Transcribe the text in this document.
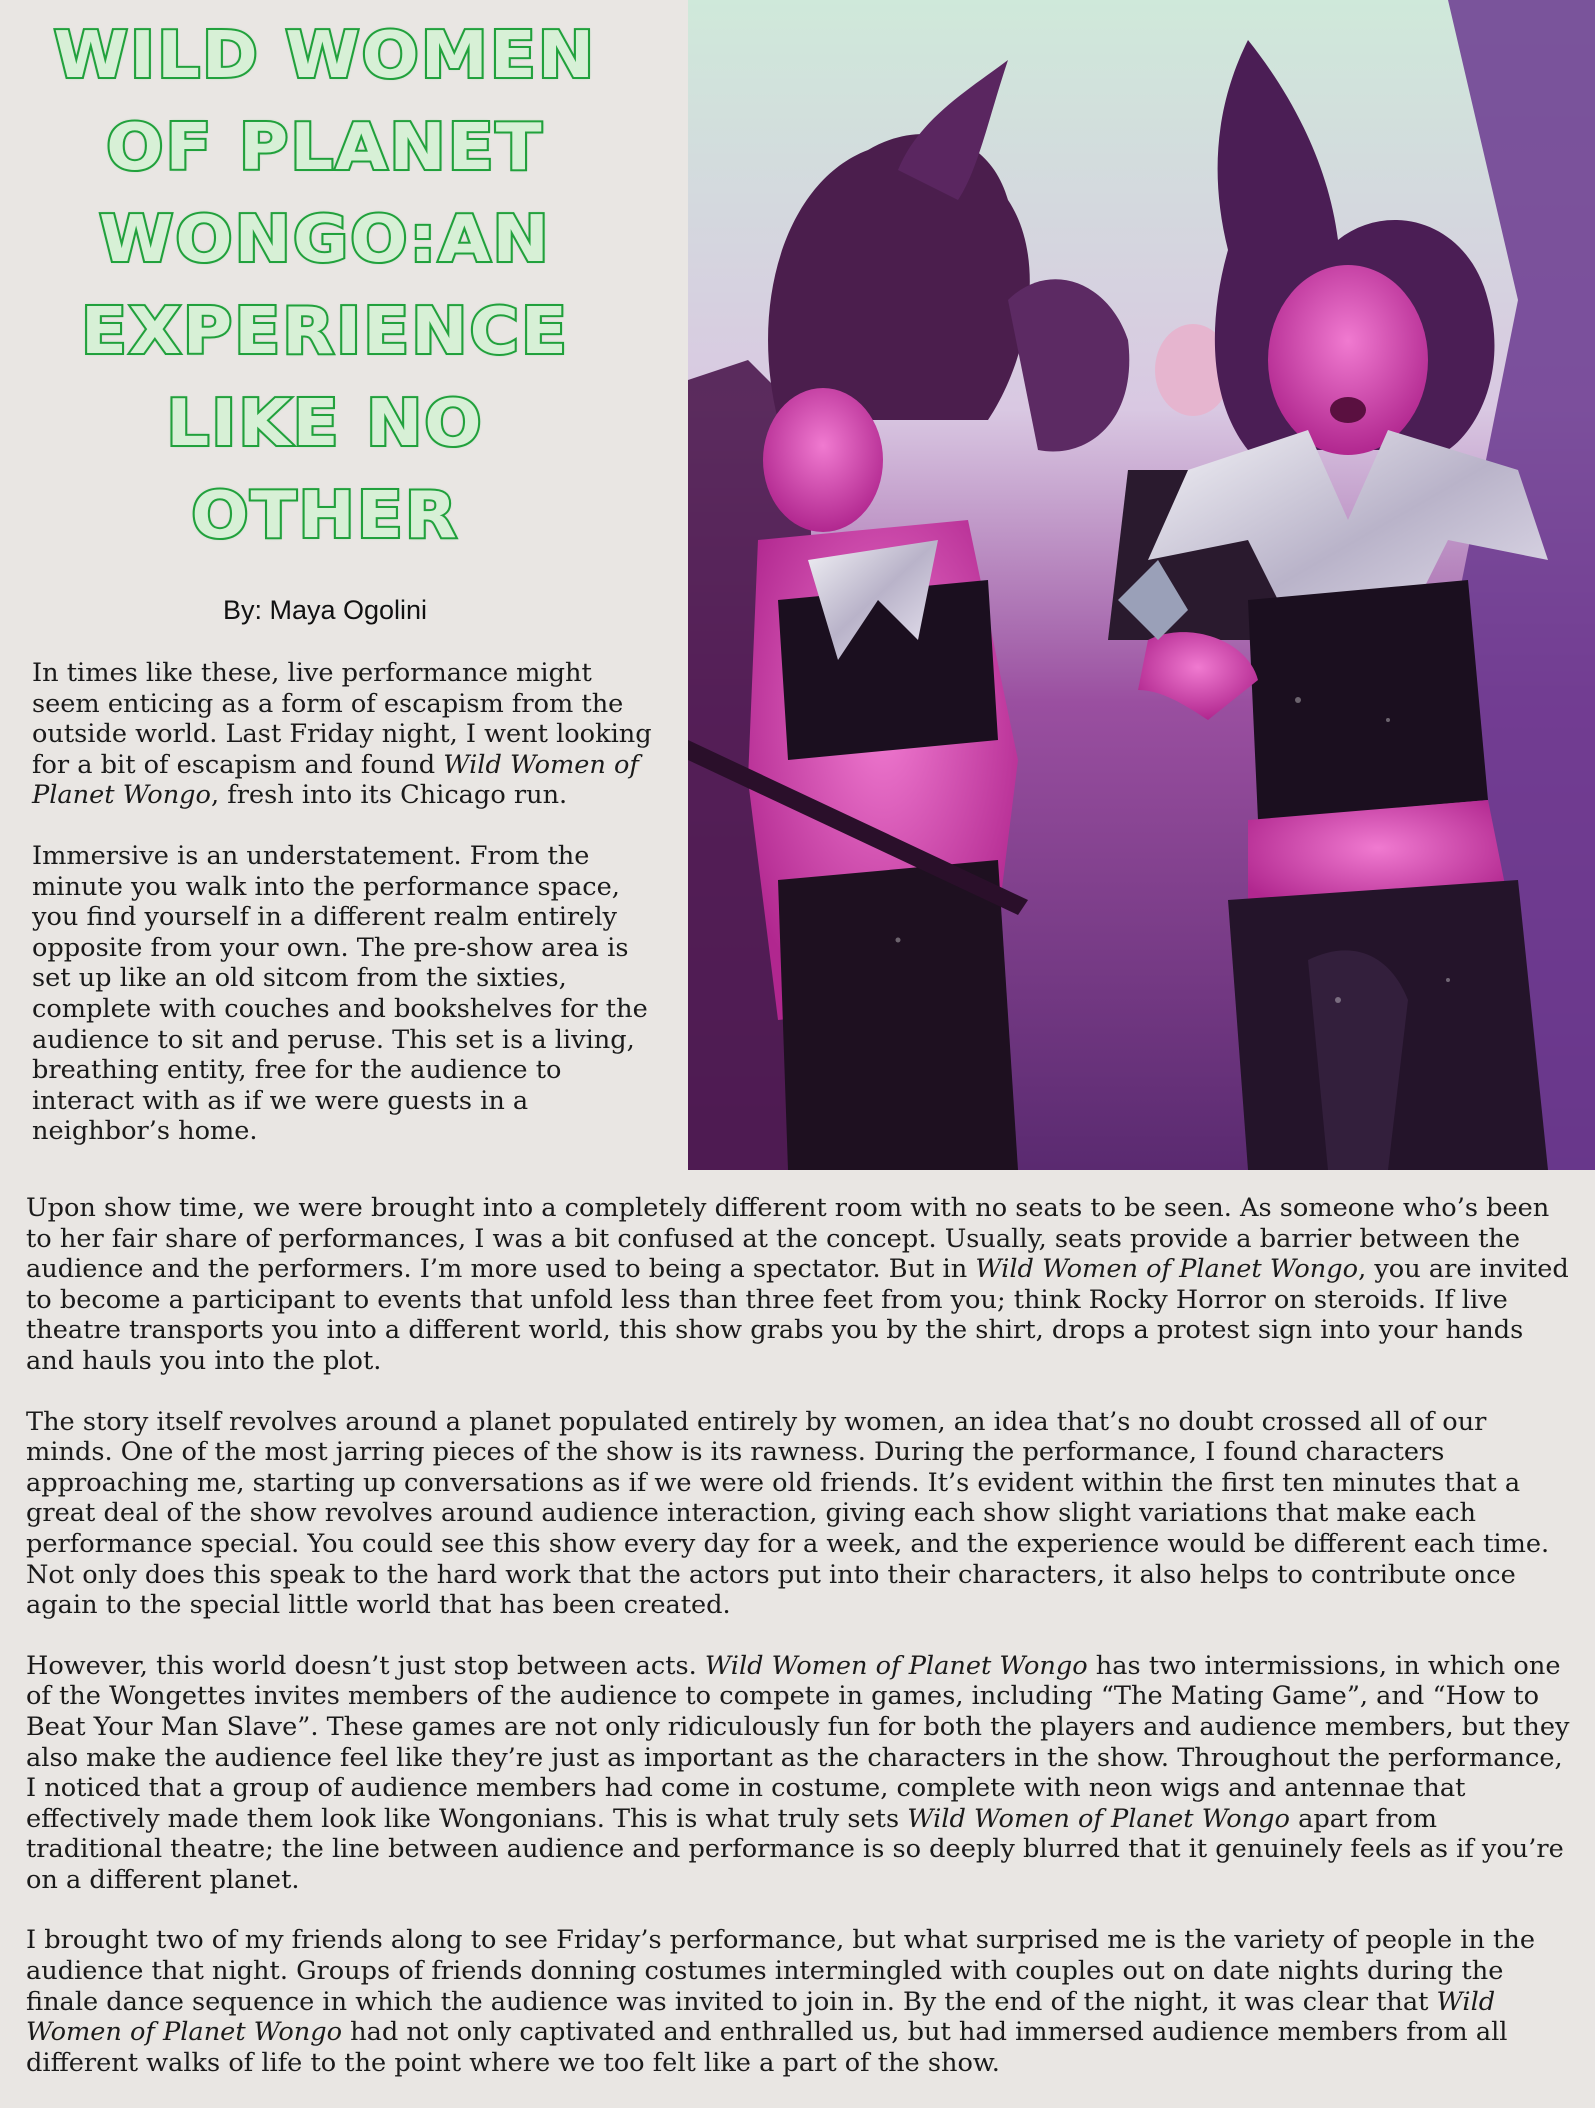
WILD WOMEN
OF PLANET
WONGO:AN
EXPERIENCE
LIKE NO
OTHER
By: Maya Ogolini

In times like these, live performance might seem enticing as a form of escapism from the outside world. Last Friday night, I went looking for a bit of escapism and found Wild Women of Planet Wongo, fresh into its Chicago run.

Immersive is an understatement. From the minute you walk into the performance space, you find yourself in a different realm entirely opposite from your own. The pre-show area is set up like an old sitcom from the sixties, complete with couches and bookshelves for the audience to sit and peruse. This set is a living, breathing entity, free for the audience to interact with as if we were guests in a neighbor’s home.

Upon show time, we were brought into a completely different room with no seats to be seen. As someone who’s been to her fair share of performances, I was a bit confused at the concept. Usually, seats provide a barrier between the audience and the performers. I’m more used to being a spectator. But in Wild Women of Planet Wongo, you are invited to become a participant to events that unfold less than three feet from you; think Rocky Horror on steroids. If live theatre transports you into a different world, this show grabs you by the shirt, drops a protest sign into your hands and hauls you into the plot.

The story itself revolves around a planet populated entirely by women, an idea that’s no doubt crossed all of our minds. One of the most jarring pieces of the show is its rawness. During the performance, I found characters approaching me, starting up conversations as if we were old friends. It’s evident within the first ten minutes that a great deal of the show revolves around audience interaction, giving each show slight variations that make each performance special. You could see this show every day for a week, and the experience would be different each time. Not only does this speak to the hard work that the actors put into their characters, it also helps to contribute once again to the special little world that has been created.

However, this world doesn’t just stop between acts. Wild Women of Planet Wongo has two intermissions, in which one of the Wongettes invites members of the audience to compete in games, including “The Mating Game”, and “How to Beat Your Man Slave”. These games are not only ridiculously fun for both the players and audience members, but they also make the audience feel like they’re just as important as the characters in the show. Throughout the performance, I noticed that a group of audience members had come in costume, complete with neon wigs and antennae that effectively made them look like Wongonians. This is what truly sets Wild Women of Planet Wongo apart from traditional theatre; the line between audience and performance is so deeply blurred that it genuinely feels as if you’re on a different planet.

I brought two of my friends along to see Friday’s performance, but what surprised me is the variety of people in the audience that night. Groups of friends donning costumes intermingled with couples out on date nights during the finale dance sequence in which the audience was invited to join in. By the end of the night, it was clear that Wild Women of Planet Wongo had not only captivated and enthralled us, but had immersed audience members from all different walks of life to the point where we too felt like a part of the show.
